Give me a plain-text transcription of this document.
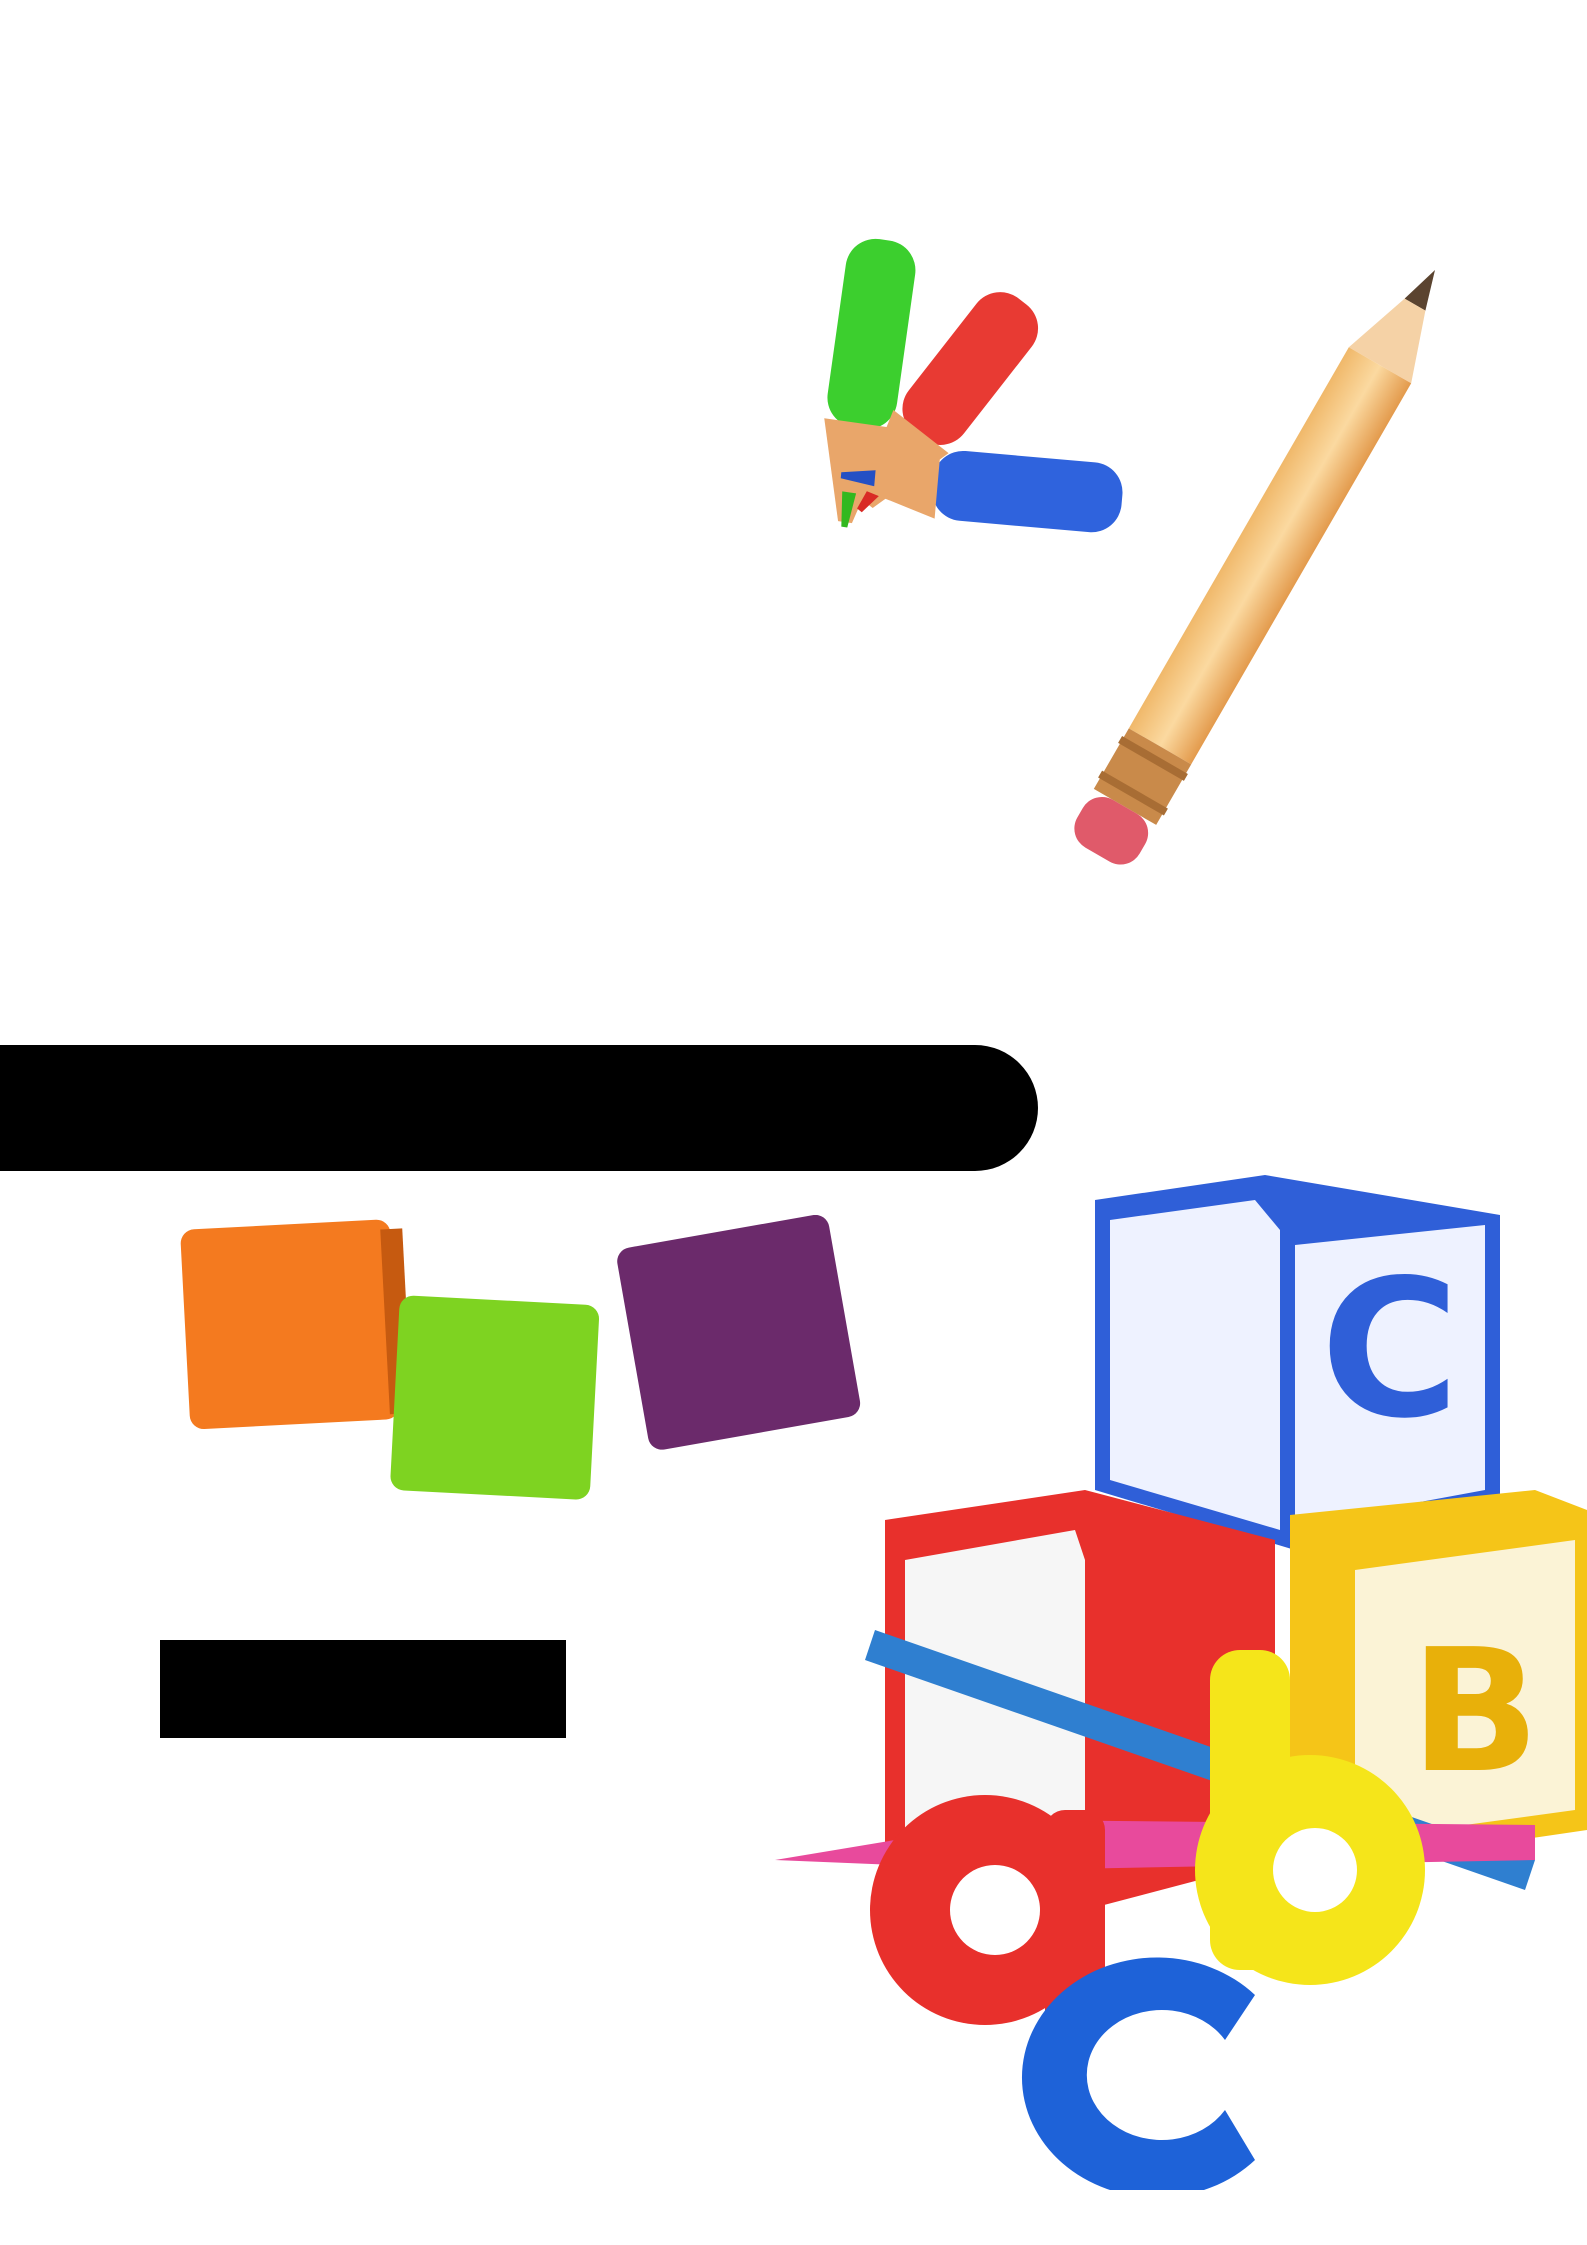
C
B
